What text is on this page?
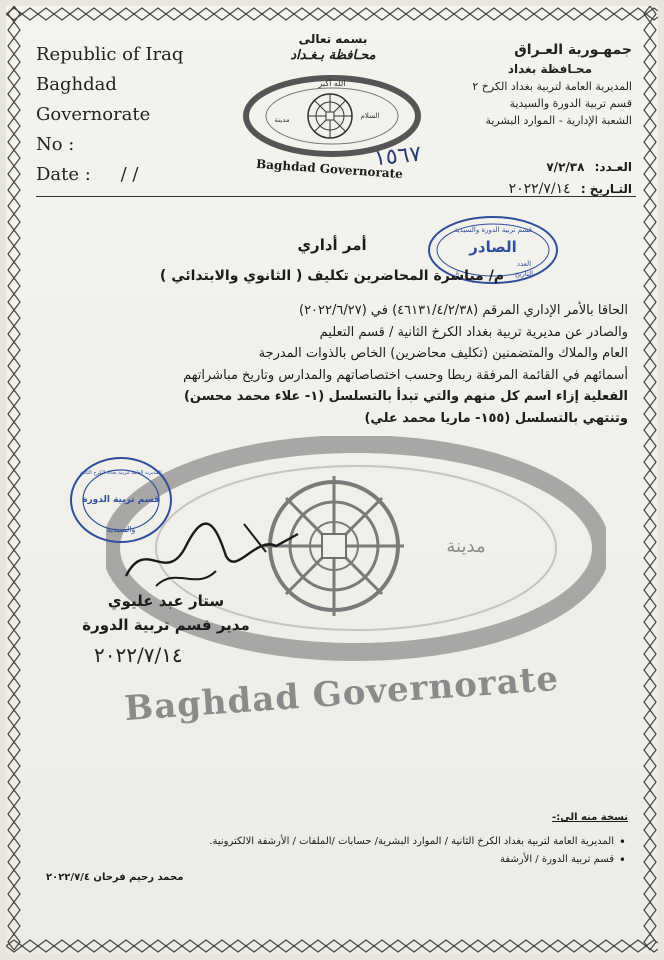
Republic of Iraq
Baghdad
Governorate
No :
Date : / /
بسمه تعالى
محـافظة بـغـداد
الله أكبر
مدينة	السلام
Baghdad Governorate
جمهـورية العـراق
محـافظة بغداد
المديرية العامة لتربية بغداد الكرخ ٢
قسم تربية الدورة والسيدية
الشعبة الإدارية - الموارد البشرية
العـدد: ٧/٢/٣٨
التـاريخ : ٢٠٢٢/٧/١٤
١٥٦٧
قسم تربية الدورة والسيدية
الصادر
العدد
التاريخ
أمر أداري
م/ مباشرة المحاضرين تكليف ( الثانوي والابتدائي )
مدينة
الحاقا بالأمر الإداري المرقم (٤٦١٣١/٤/٢/٣٨) في (٢٠٢٢/٦/٢٧)
والصادر عن مديرية تربية بغداد الكرخ الثانية / قسم التعليم
العام والملاك والمتضمنين (تكليف محاضرين) الخاص بالذوات المدرجة
أسمائهم في القائمة المرفقة ربطا وحسب اختصاصاتهم والمدارس وتاريخ مباشراتهم
الفعلية إزاء اسم كل منهم والتي تبدأ بالتسلسل (١- علاء محمد محسن)
وتنتهي بالتسلسل (١٥٥- ماريا محمد علي)
المديرية العامة لتربية بغداد الكرخ الثانية
قسم تربية الدورة
والسيدية
ستار عبد عليوي
مدير قسم تربية الدورة
٢٠٢٢/٧/١٤
Baghdad Governorate
نسخة منه الى:-
• المديرية العامة لتربية بغداد الكرخ الثانية / الموارد البشرية/ حسابات /الملفات / الأرشفة الالكترونية.
• قسم تربية الدورة / الأرشفة
محمد رحيم فرحان ٢٠٢٢/٧/٤
